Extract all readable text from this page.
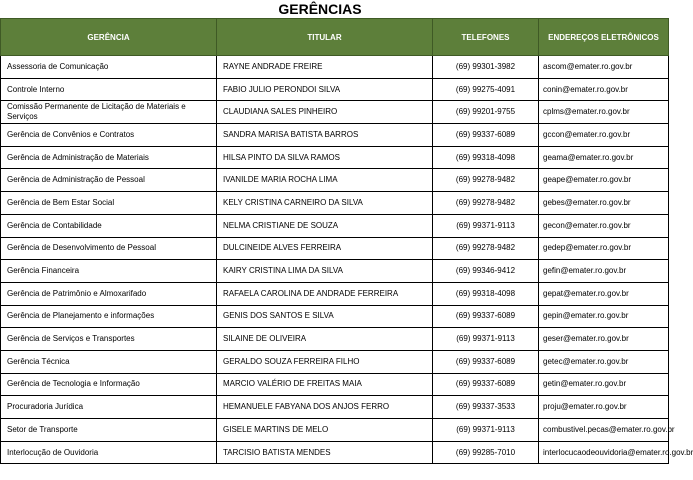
GERÊNCIAS
GERÊNCIA	TITULAR	TELEFONES	ENDEREÇOS ELETRÔNICOS
Assessoria de Comunicação	RAYNE ANDRADE FREIRE	(69) 99301-3982	ascom@emater.ro.gov.br
Controle Interno	FABIO JULIO PERONDOI SILVA	(69) 99275-4091	conin@emater.ro.gov.br
Comissão Permanente de Licitação de Materiais e Serviços	CLAUDIANA SALES PINHEIRO	(69) 99201-9755	cplms@emater.ro.gov.br
Gerência de Convênios e Contratos	SANDRA MARISA BATISTA BARROS	(69) 99337-6089	gccon@emater.ro.gov.br
Gerência de Administração de Materiais	HILSA PINTO DA SILVA RAMOS	(69) 99318-4098	geama@emater.ro.gov.br
Gerência de Administração de Pessoal	IVANILDE MARIA ROCHA LIMA	(69) 99278-9482	geape@emater.ro.gov.br
Gerência de Bem Estar Social	KELY CRISTINA CARNEIRO DA SILVA	(69) 99278-9482	gebes@emater.ro.gov.br
Gerência de Contabilidade	NELMA CRISTIANE DE SOUZA	(69) 99371-9113	gecon@emater.ro.gov.br
Gerência de Desenvolvimento de Pessoal	DULCINEIDE ALVES FERREIRA	(69) 99278-9482	gedep@emater.ro.gov.br
Gerência Financeira	KAIRY CRISTINA LIMA DA SILVA	(69) 99346-9412	gefin@emater.ro.gov.br
Gerência de Patrimônio e Almoxarifado	RAFAELA CAROLINA DE ANDRADE FERREIRA	(69) 99318-4098	gepat@emater.ro.gov.br
Gerência de Planejamento e informações	GENIS DOS SANTOS E SILVA	(69) 99337-6089	gepin@emater.ro.gov.br
Gerência de Serviços e Transportes	SILAINE DE OLIVEIRA	(69) 99371-9113	geser@emater.ro.gov.br
Gerência Técnica	GERALDO SOUZA FERREIRA FILHO	(69) 99337-6089	getec@emater.ro.gov.br
Gerência de Tecnologia e Informação	MARCIO VALÉRIO DE FREITAS MAIA	(69) 99337-6089	getin@emater.ro.gov.br
Procuradoria Jurídica	HEMANUELE FABYANA DOS ANJOS FERRO	(69) 99337-3533	proju@emater.ro.gov.br
Setor de Transporte	GISELE MARTINS DE MELO	(69) 99371-9113	combustivel.pecas@emater.ro.gov.br
Interlocução de Ouvidoria	TARCISIO BATISTA MENDES	(69) 99285-7010	interlocucaodeouvidoria@emater.ro.gov.br
